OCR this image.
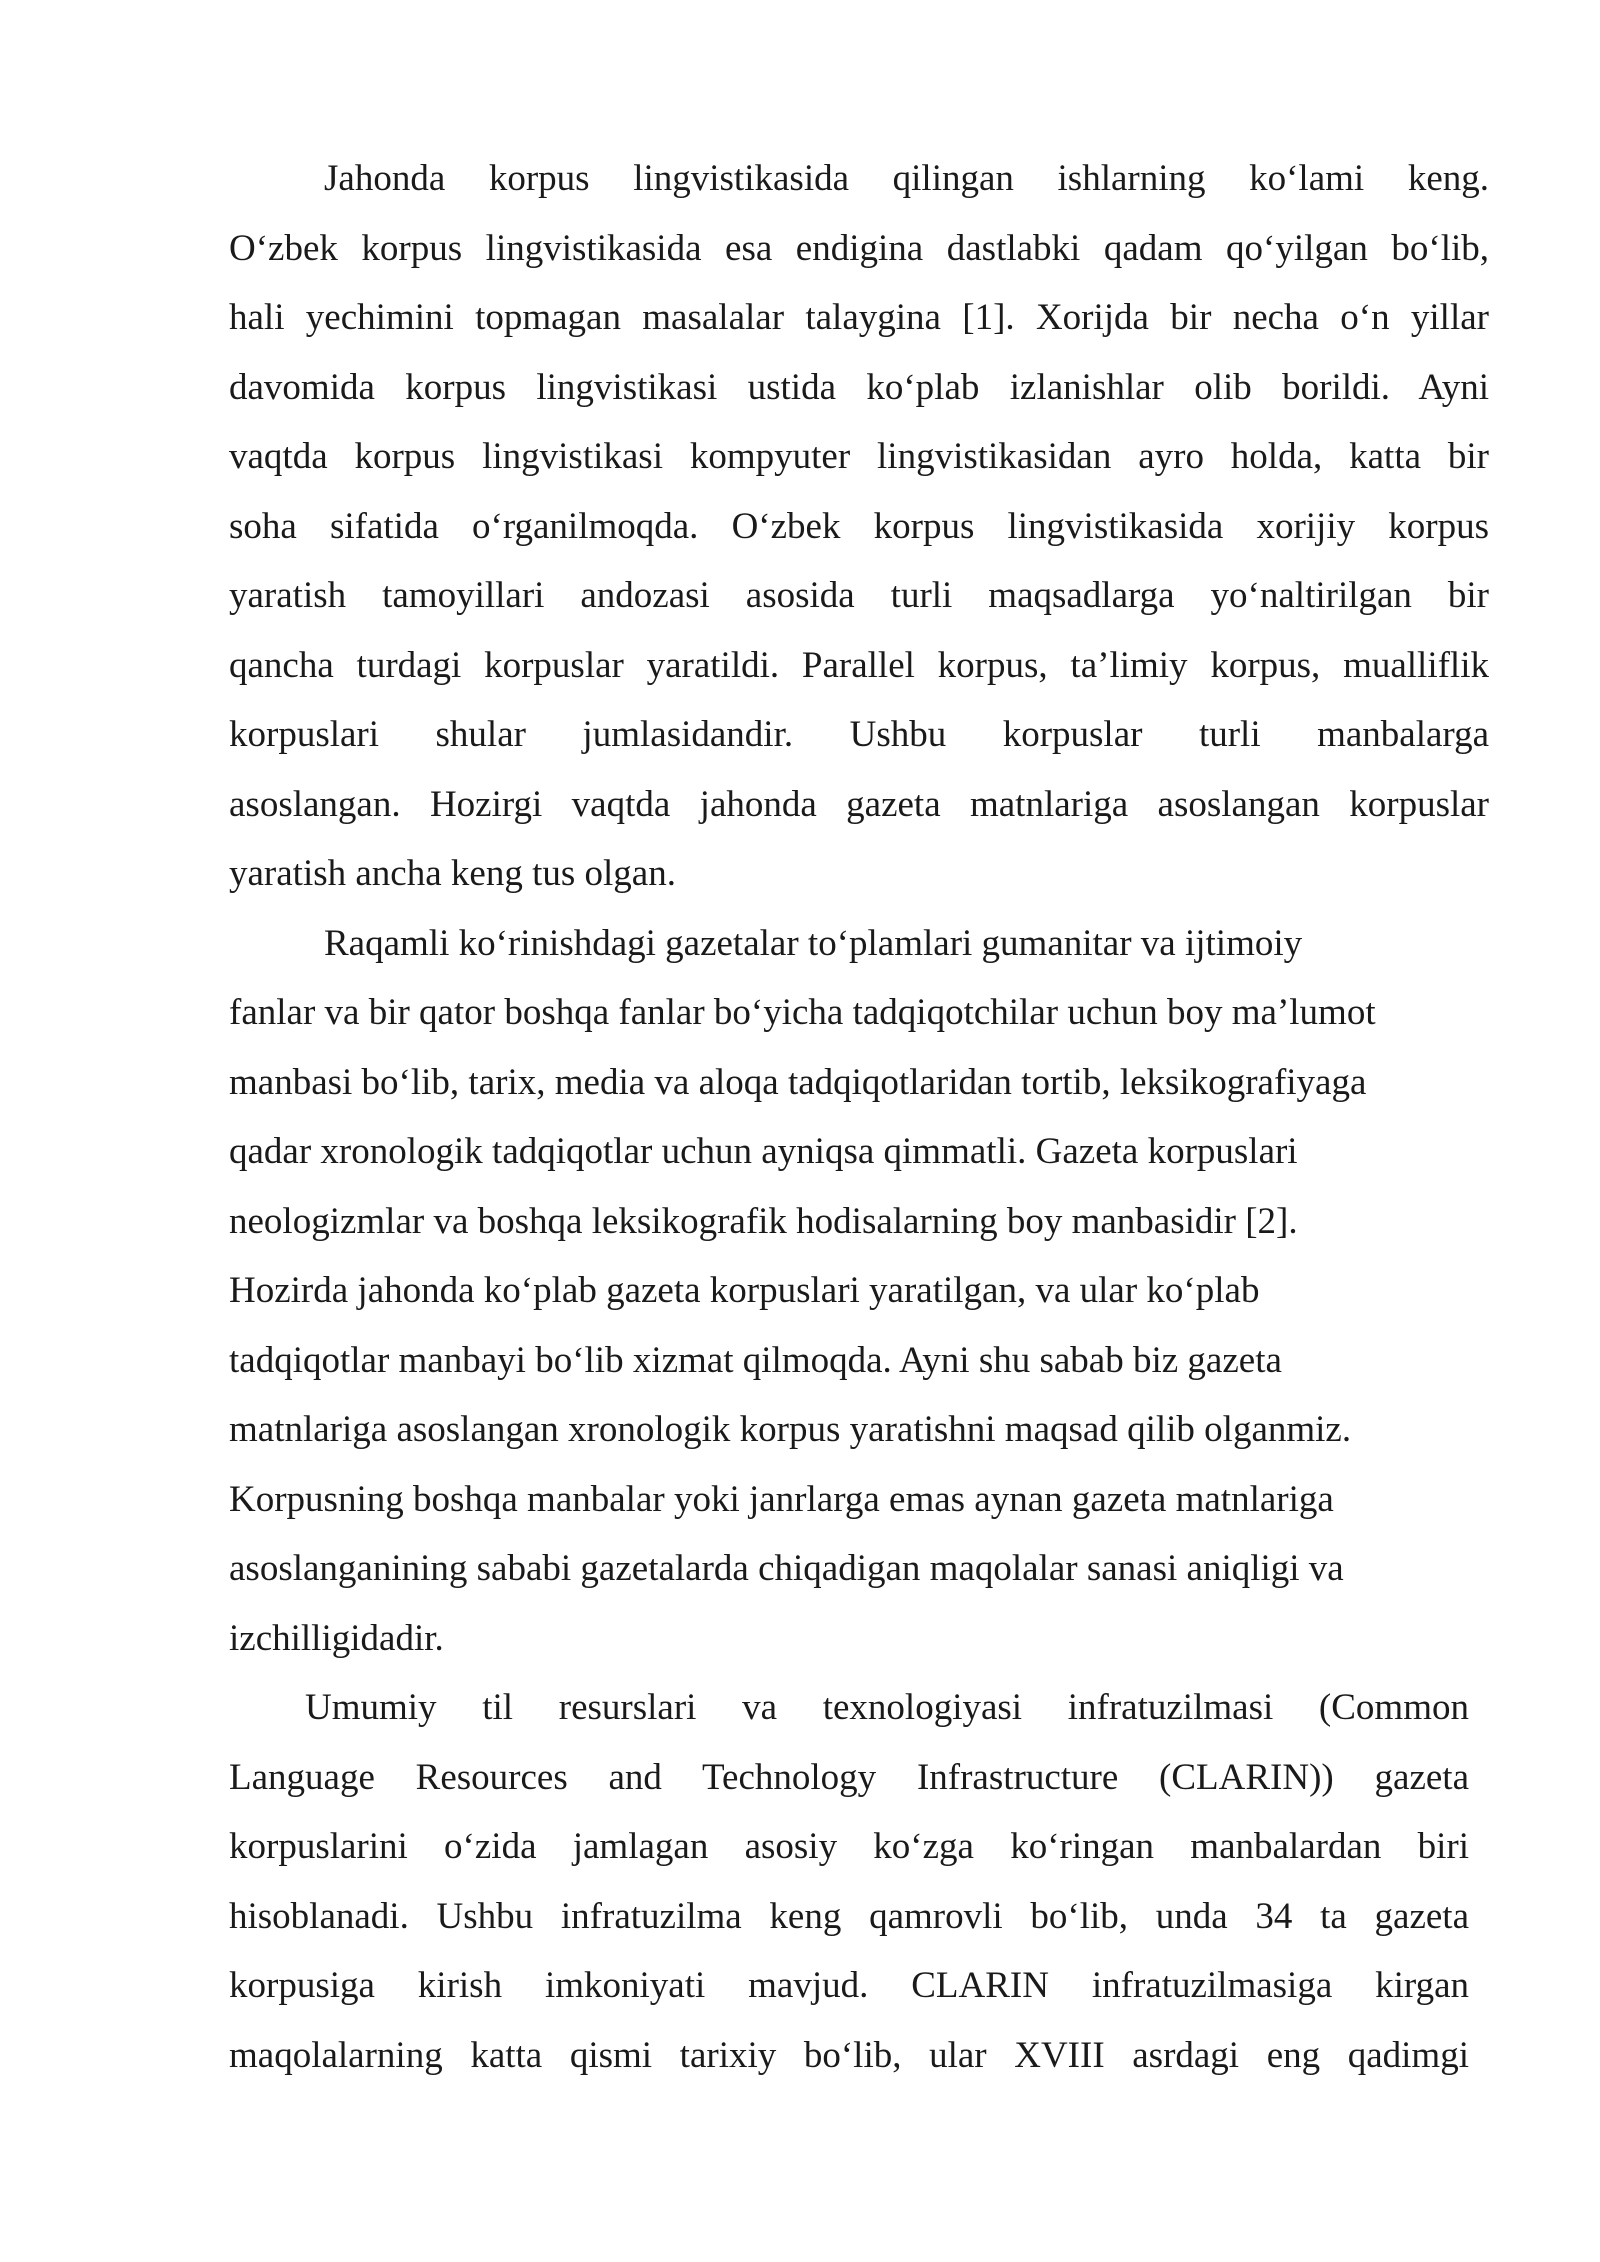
Jahonda korpus lingvistikasida qilingan ishlarning ko‘lami keng.
O‘zbek korpus lingvistikasida esa endigina dastlabki qadam qo‘yilgan bo‘lib,
hali yechimini topmagan masalalar talaygina [1]. Xorijda bir necha o‘n yillar
davomida korpus lingvistikasi ustida ko‘plab izlanishlar olib borildi. Ayni
vaqtda korpus lingvistikasi kompyuter lingvistikasidan ayro holda, katta bir
soha sifatida o‘rganilmoqda. O‘zbek korpus lingvistikasida xorijiy korpus
yaratish tamoyillari andozasi asosida turli maqsadlarga yo‘naltirilgan bir
qancha turdagi korpuslar yaratildi. Parallel korpus, ta’limiy korpus, mualliflik
korpuslari shular jumlasidandir. Ushbu korpuslar turli manbalarga
asoslangan. Hozirgi vaqtda jahonda gazeta matnlariga asoslangan korpuslar
yaratish ancha keng tus olgan.
Raqamli ko‘rinishdagi gazetalar to‘plamlari gumanitar va ijtimoiy
fanlar va bir qator boshqa fanlar bo‘yicha tadqiqotchilar uchun boy ma’lumot
manbasi bo‘lib, tarix, media va aloqa tadqiqotlaridan tortib, leksikografiyaga
qadar xronologik tadqiqotlar uchun ayniqsa qimmatli. Gazeta korpuslari
neologizmlar va boshqa leksikografik hodisalarning boy manbasidir [2].
Hozirda jahonda ko‘plab gazeta korpuslari yaratilgan, va ular ko‘plab
tadqiqotlar manbayi bo‘lib xizmat qilmoqda. Ayni shu sabab biz gazeta
matnlariga asoslangan xronologik korpus yaratishni maqsad qilib olganmiz.
Korpusning boshqa manbalar yoki janrlarga emas aynan gazeta matnlariga
asoslanganining sababi gazetalarda chiqadigan maqolalar sanasi aniqligi va
izchilligidadir.
Umumiy til resurslari va texnologiyasi infratuzilmasi (Common
Language Resources and Technology Infrastructure (CLARIN)) gazeta
korpuslarini o‘zida jamlagan asosiy ko‘zga ko‘ringan manbalardan biri
hisoblanadi. Ushbu infratuzilma keng qamrovli bo‘lib, unda 34 ta gazeta
korpusiga kirish imkoniyati mavjud. CLARIN infratuzilmasiga kirgan
maqolalarning katta qismi tarixiy bo‘lib, ular XVIII asrdagi eng qadimgi
